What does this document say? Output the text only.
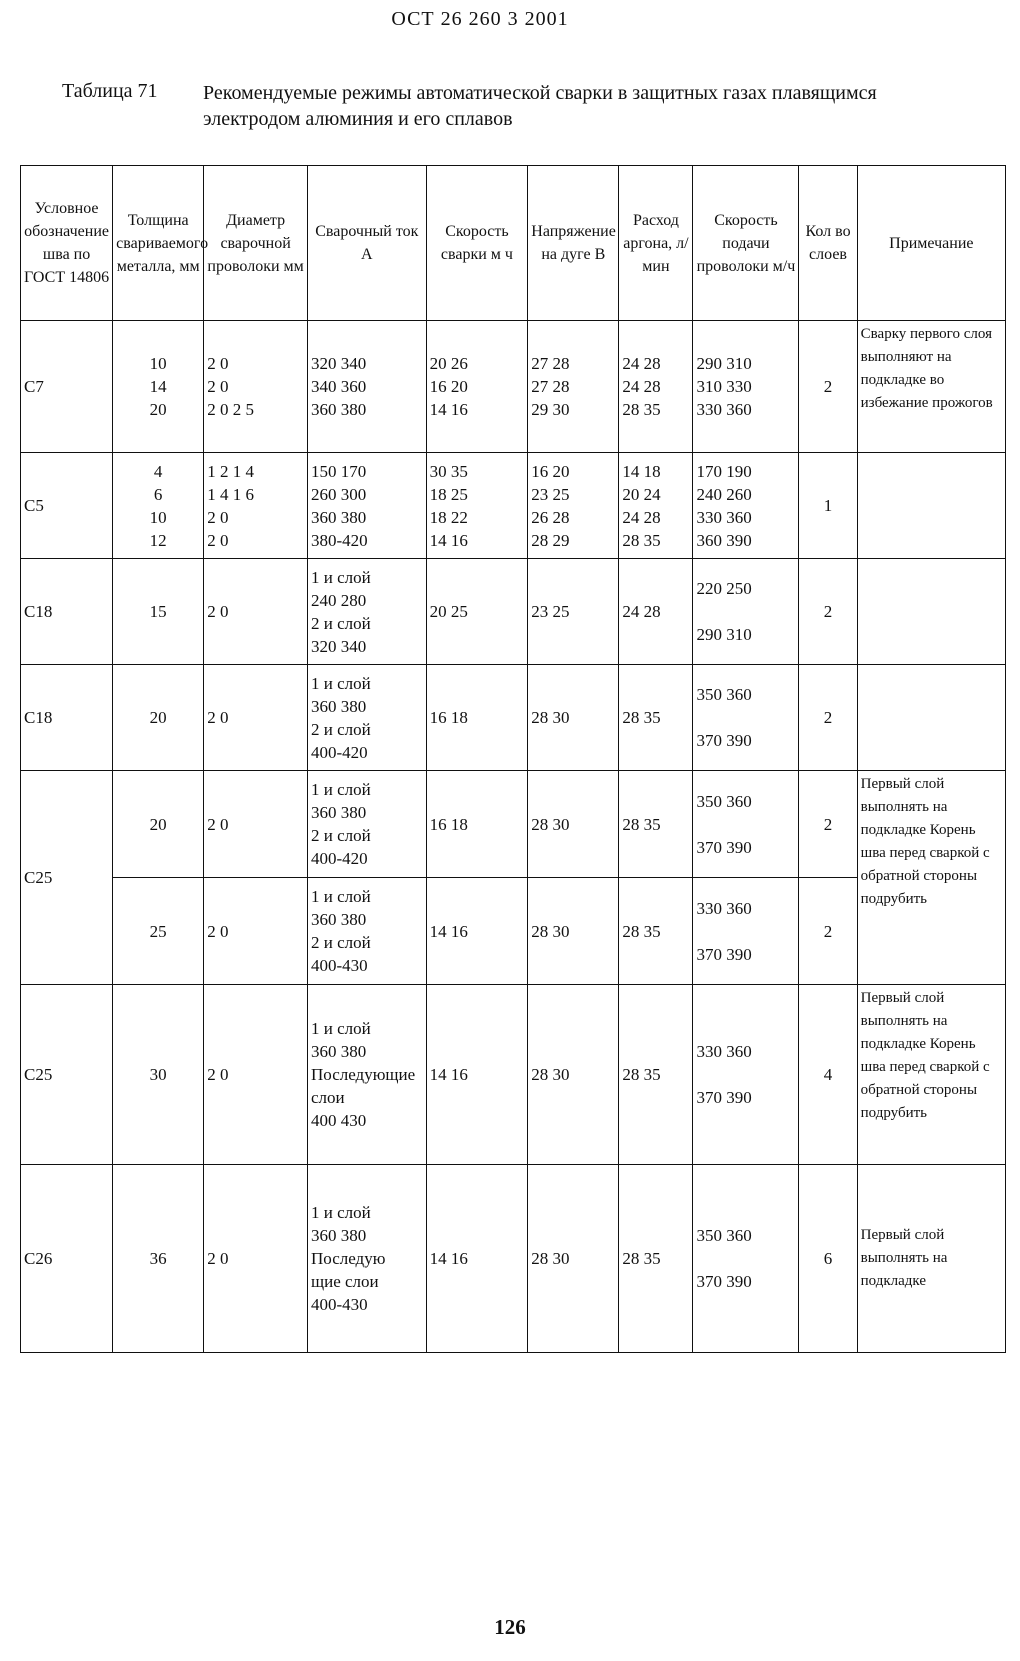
ОСТ 26 260 3 2001
Таблица 71 Рекомендуемые режимы автоматической сварки в защитных газах плавящимся электродом алюминия и его сплавов
Условное обозначение шва по ГОСТ 14806	Толщина свариваемого металла, мм	Диаметр сварочной проволоки мм	Сварочный ток А	Скорость сварки м ч	Напряжение на дуге В	Расход аргона, л/мин	Скорость подачи проволоки м/ч	Кол во слоев	Примечание
C7	10
14
20	2 0
2 0
2 0 2 5	320 340
340 360
360 380	20 26
16 20
14 16	27 28
27 28
29 30	24 28
24 28
28 35	290 310
310 330
330 360	2	Сварку первого слоя выполняют на подкладке во избежание прожогов
C5	4
6
10
12	1 2 1 4
1 4 1 6
2 0
2 0	150 170
260 300
360 380
380-420	30 35
18 25
18 22
14 16	16 20
23 25
26 28
28 29	14 18
20 24
24 28
28 35	170 190
240 260
330 360
360 390	1	
C18	15	2 0	1 и слой
240 280
2 и слой
320 340	20 25	23 25	24 28	220 250

290 310	2	
C18	20	2 0	1 и слой
360 380
2 и слой
400-420	16 18	28 30	28 35	350 360

370 390	2	
C25	20	2 0	1 и слой
360 380
2 и слой
400-420	16 18	28 30	28 35	350 360

370 390	2	Первый слой выполнять на подкладке Корень шва перед сваркой с обратной стороны подрубить
	25	2 0	1 и слой
360 380
2 и слой
400-430	14 16	28 30	28 35	330 360

370 390	2	
C25	30	2 0	1 и слой
360 380
Последующие слои
400 430	14 16	28 30	28 35	330 360

370 390	4	Первый слой выполнять на подкладке Корень шва перед сваркой с обратной стороны подрубить
C26	36	2 0	1 и слой
360 380
Последую
щие слои
400-430	14 16	28 30	28 35	350 360

370 390	6	Первый слой выполнять на подкладке
126
